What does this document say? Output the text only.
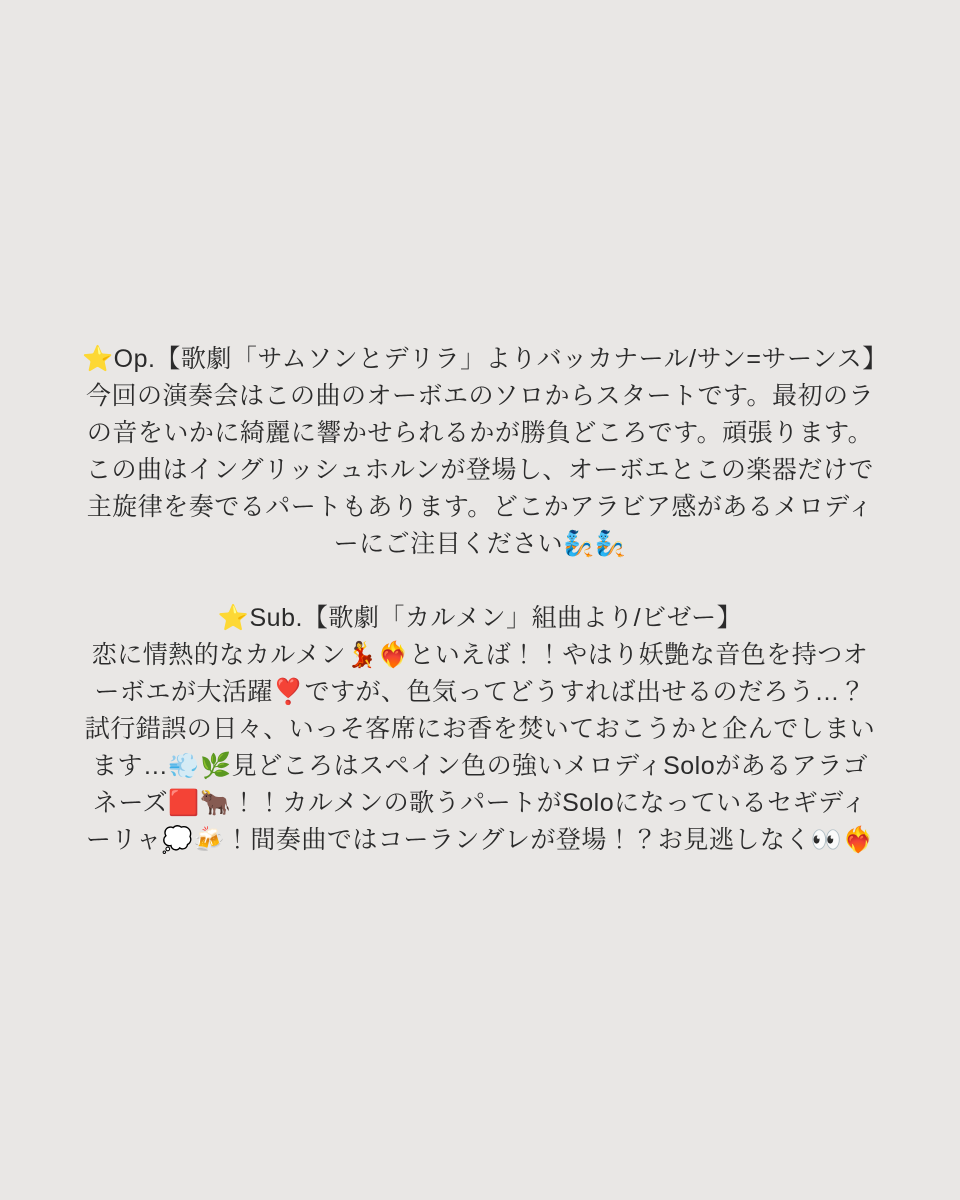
⭐Op.【歌劇「サムソンとデリラ」よりバッカナール/サン=サーンス】
今回の演奏会はこの曲のオーボエのソロからスタートです。最初のラの音をいかに綺麗に響かせられるかが勝負どころです。頑張ります。この曲はイングリッシュホルンが登場し、オーボエとこの楽器だけで主旋律を奏でるパートもあります。どこかアラビア感があるメロディーにご注目ください🧞🧞
⭐Sub.【歌劇「カルメン」組曲より/ビゼー】
恋に情熱的なカルメン💃❤️‍🔥といえば！！やはり妖艶な音色を持つオーボエが大活躍❣️ですが、色気ってどうすれば出せるのだろう…？試行錯誤の日々、いっそ客席にお香を焚いておこうかと企んでしまいます…💨🌿見どころはスペイン色の強いメロディSoloがあるアラゴネーズ🟥🐂！！カルメンの歌うパートがSoloになっているセギディーリャ💭🍻！間奏曲ではコーラングレが登場！？お見逃しなく👀❤️‍🔥
